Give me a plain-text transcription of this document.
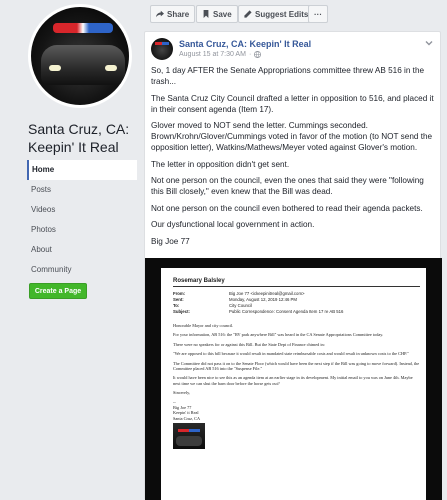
Santa Cruz, CA: Keepin' It Real
Home
Posts
Videos
Photos
About
Community
Create a Page
Share	Save	Suggest Edits ···
Santa Cruz, CA: Keepin' It Real
August 15 at 7:30 AM ·

So, 1 day AFTER the Senate Appropriations committee threw AB 516 in the trash...

The Santa Cruz City Council drafted a letter in opposition to 516, and placed it in their consent agenda (Item 17).

Glover moved to NOT send the letter. Cummings seconded. Brown/Krohn/Glover/Cummings voted in favor of the motion (to NOT send the opposition letter), Watkins/Mathews/Meyer voted against Glover's motion.

The letter in opposition didn't get sent.

Not one person on the council, even the ones that said they were "following this Bill closely," even knew that the Bill was dead.

Not one person on the council even bothered to read their agenda packets.

Our dysfunctional local government in action.

Big Joe 77

Rosemary Balsley
From:	Big Joe 77 <ickeepinitreal@gmail.com>
Sent:	Monday, August 12, 2019 12:46 PM
To:	City Council
Subject:	Public Correspondence: Consent Agenda Item 17 re AB 516
Honorable Mayor and city council.
For your information, AB 516: the "RV park anywhere Bill" was heard in the CA Senate Appropriations Committee today.
There were no speakers for or against this Bill. But the State Dept of Finance chimed in:
"We are opposed to this bill because it would result in mandated state reimbursable costs and would result in unknown costs to the CHP."
The Committee did not pass it on to the Senate Floor (which would have been the next step if the Bill was going to move forward). Instead, the Committee placed AB 516 into the "Suspense File."
It would have been nice to see this as an agenda item at an earlier stage in its development. My initial email to you was on June 4th. Maybe next time we can shut the barn door before the horse gets out?
Sincerely,
--
Big Joe 77
Keepin' it Real
Santa Cruz, CA
